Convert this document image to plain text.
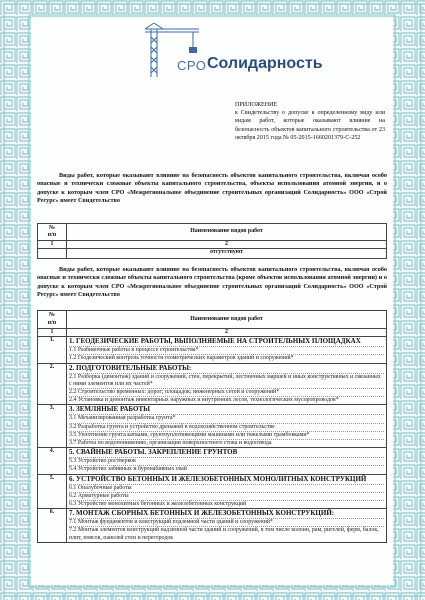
СРО Солидарность
ПРИЛОЖЕНИЕ
к Свидетельству о допуске к определенному виду или видам работ, которые оказывают влияние на безопасность объектов капитального строительства от 23 октября 2015 года № 05-2015-1660201379-С-252
Виды работ, которые оказывают влияние на безопасность объектов капитального строительства, включая особо опасные и технически сложные объекты капитального строительства, объекты использования атомной энергии, и о допуске к которым член СРО «Межрегиональное объединение строительных организаций Солидарность» ООО «Строй Ресурс» имеет Свидетельство
№
п/п	Наименование видов работ
1	2
	отсутствуют
Виды работ, которые оказывают влияние на безопасность объектов капитального строительства, включая особо опасные и технически сложные объекты капитального строительства (кроме объектов использования атомной энергии) и о допуске к которым член СРО «Межрегиональное объединение строительных организаций Солидарность» ООО «Строй Ресурс» имеет Свидетельство
№
п/п	Наименование видов работ
1	2
1.	1. ГЕОДЕЗИЧЕСКИЕ РАБОТЫ, ВЫПОЛНЯЕМЫЕ НА СТРОИТЕЛЬНЫХ ПЛОЩАДКАХ
1.1 Разбивочные работы в процессе строительства*
1.2 Геодезический контроль точности геометрических параметров зданий и сооружений*

2.	2. ПОДГОТОВИТЕЛЬНЫЕ РАБОТЫ:
2.1 Разборка (демонтаж) зданий и сооружений, стен, перекрытий, лестничных маршей и иных конструктивных и связанных с ними элементов или их частей*
2.2 Строительство временных: дорог; площадок; инженерных сетей и сооружений*
2.4 Установка и демонтаж инвентарных наружных и внутренних лесов, технологических мусоропроводов*

3.	3. ЗЕМЛЯНЫЕ РАБОТЫ
3.1 Механизированная разработка грунта*
3.2 Разработка грунта и устройство дренажей в водохозяйственном строительстве
3.5 Уплотнение грунта катками, грунтоуплотняющими машинами или тяжелыми трамбовками*
3.7 Работы по водопонижению, организации поверхностного стока и водоотвода

4.	5. СВАЙНЫЕ РАБОТЫ. ЗАКРЕПЛЕНИЕ ГРУНТОВ
5.3 Устройство ростверков
5.4 Устройство забивных и буронабивных свай

5.	6. УСТРОЙСТВО БЕТОННЫХ И ЖЕЛЕЗОБЕТОННЫХ МОНОЛИТНЫХ КОНСТРУКЦИЙ
6.1 Опалубочные работы
6.2 Арматурные работы
6.3 Устройство монолитных бетонных и железобетонных конструкций

6.	7. МОНТАЖ СБОРНЫХ БЕТОННЫХ И ЖЕЛЕЗОБЕТОННЫХ КОНСТРУКЦИЙ:
7.1 Монтаж фундаментов и конструкций подземной части зданий и сооружений*
7.2 Монтаж элементов конструкций надземной части зданий и сооружений, в том числе колонн, рам, ригелей, ферм, балок, плит, поясов, панелей стен и перегородок
